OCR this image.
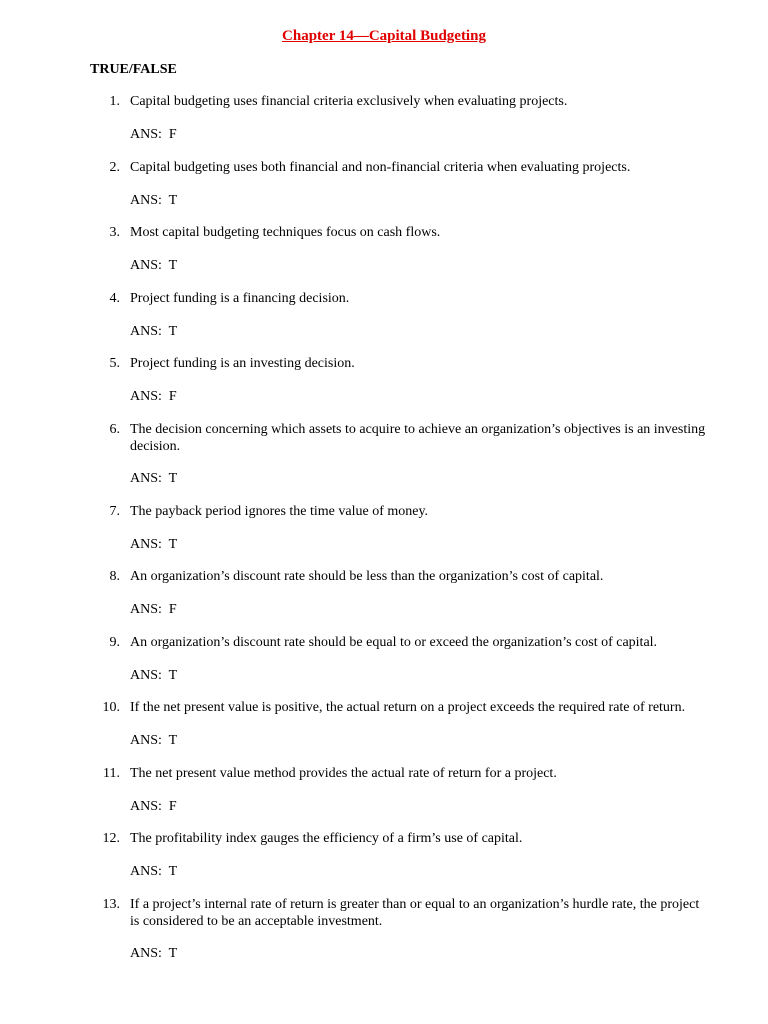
Chapter 14—Capital Budgeting
TRUE/FALSE
1. Capital budgeting uses financial criteria exclusively when evaluating projects.
ANS:  F
2. Capital budgeting uses both financial and non-financial criteria when evaluating projects.
ANS:  T
3. Most capital budgeting techniques focus on cash flows.
ANS:  T
4. Project funding is a financing decision.
ANS:  T
5. Project funding is an investing decision.
ANS:  F
6. The decision concerning which assets to acquire to achieve an organization’s objectives is an investing decision.
ANS:  T
7. The payback period ignores the time value of money.
ANS:  T
8. An organization’s discount rate should be less than the organization’s cost of capital.
ANS:  F
9. An organization’s discount rate should be equal to or exceed the organization’s cost of capital.
ANS:  T
10. If the net present value is positive, the actual return on a project exceeds the required rate of return.
ANS:  T
11. The net present value method provides the actual rate of return for a project.
ANS:  F
12. The profitability index gauges the efficiency of a firm’s use of capital.
ANS:  T
13. If a project’s internal rate of return is greater than or equal to an organization’s hurdle rate, the project is considered to be an acceptable investment.
ANS:  T
